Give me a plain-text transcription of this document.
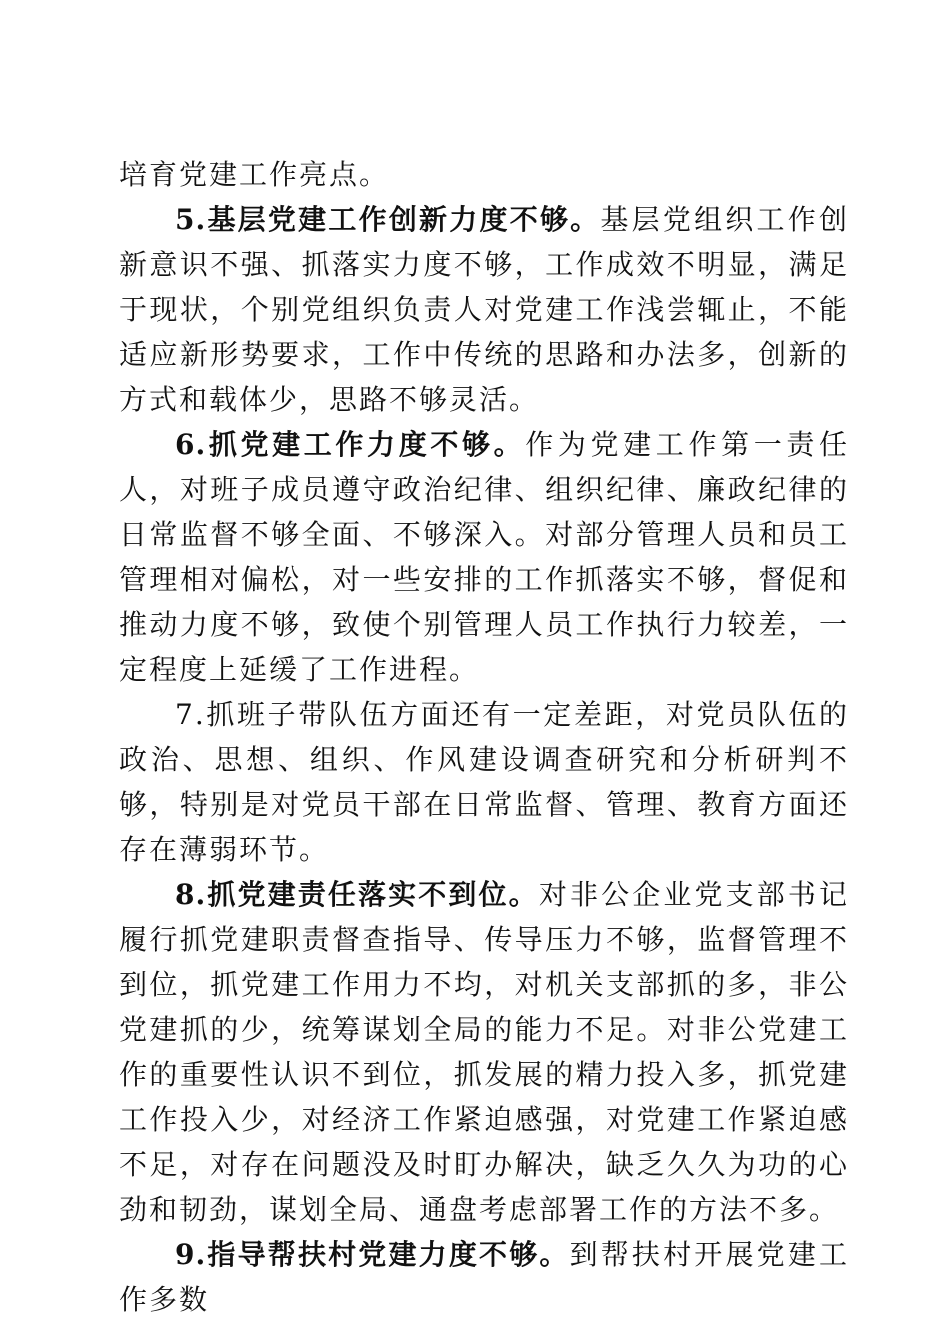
培育党建工作亮点。

5.基层党建工作创新力度不够。基层党组织工作创新意识不强、抓落实力度不够，工作成效不明显，满足于现状，个别党组织负责人对党建工作浅尝辄止，不能适应新形势要求，工作中传统的思路和办法多，创新的方式和载体少，思路不够灵活。

6.抓党建工作力度不够。作为党建工作第一责任人，对班子成员遵守政治纪律、组织纪律、廉政纪律的日常监督不够全面、不够深入。对部分管理人员和员工管理相对偏松，对一些安排的工作抓落实不够，督促和推动力度不够，致使个别管理人员工作执行力较差，一定程度上延缓了工作进程。

7.抓班子带队伍方面还有一定差距，对党员队伍的政治、思想、组织、作风建设调查研究和分析研判不够，特别是对党员干部在日常监督、管理、教育方面还存在薄弱环节。

8.抓党建责任落实不到位。对非公企业党支部书记履行抓党建职责督查指导、传导压力不够，监督管理不到位，抓党建工作用力不均，对机关支部抓的多，非公党建抓的少，统筹谋划全局的能力不足。对非公党建工作的重要性认识不到位，抓发展的精力投入多，抓党建工作投入少，对经济工作紧迫感强，对党建工作紧迫感不足，对存在问题没及时盯办解决，缺乏久久为功的心劲和韧劲，谋划全局、通盘考虑部署工作的方法不多。

9.指导帮扶村党建力度不够。到帮扶村开展党建工作多数
